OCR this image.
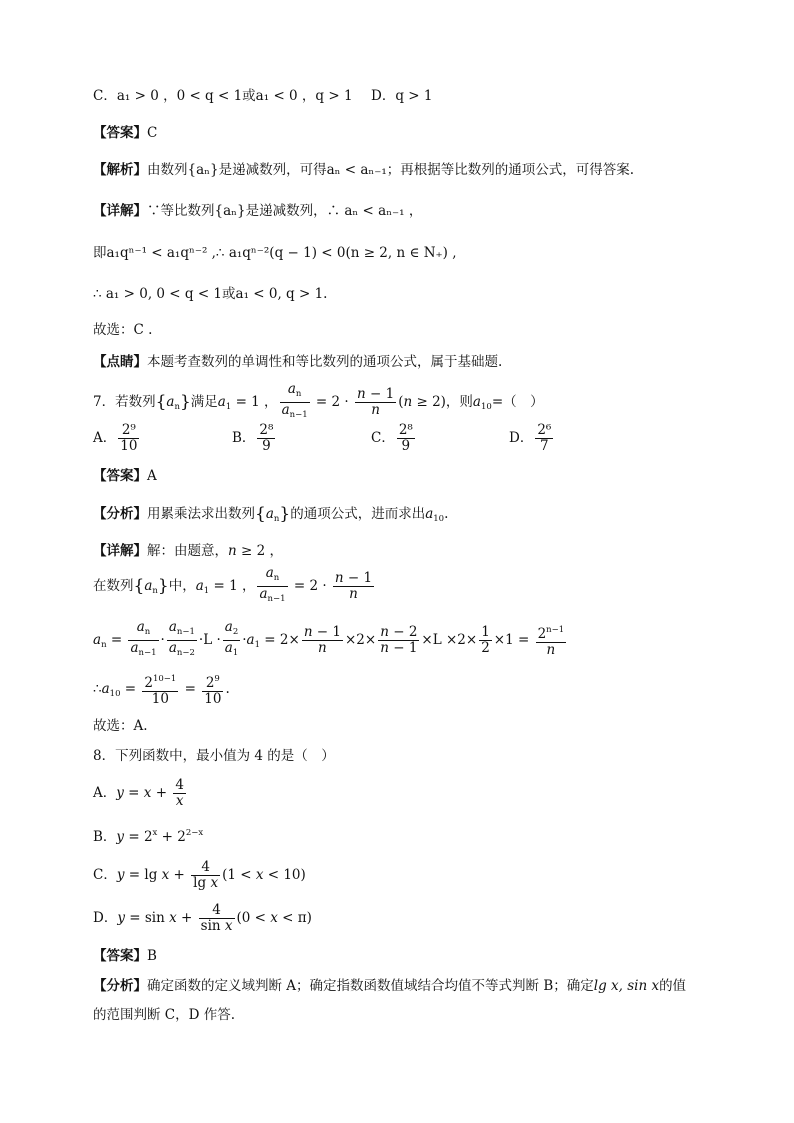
C．a₁ > 0 ，0 < q < 1或a₁ < 0 ，q > 1 D．q > 1
【答案】C
【解析】由数列{aₙ}是递减数列，可得aₙ < aₙ₋₁；再根据等比数列的通项公式，可得答案.
【详解】∵等比数列{aₙ}是递减数列，∴ aₙ < aₙ₋₁ ，
即a₁qⁿ⁻¹ < a₁qⁿ⁻² ,∴ a₁qⁿ⁻²(q − 1) < 0(n ≥ 2, n ∈ N₊) ,
∴ a₁ > 0, 0 < q < 1或a₁ < 0, q > 1.
故选：C .
【点睛】本题考查数列的单调性和等比数列的通项公式，属于基础题.
7．若数列$\{a_n\}$满足$a_1 = 1$ ， $\frac{a_n}{a_{n-1}} = 2 \cdot \frac{n - 1}{n} (n \ge 2)$，则$a_{10}=$（　）
A． $\frac{\text{2⁹}}{10}$	B． $\frac{\text{2⁸}}{9}$	C． $\frac{\text{2⁸}}{9}$	D． $\frac{\text{2⁶}}{7}$
【答案】A
【分析】用累乘法求出数列$\{a_n\}$的通项公式，进而求出$a_{10}$.
【详解】解：由题意，n ≥ 2 ，
在数列$\{a_n\}$中，$a_1 = 1$ ， $\frac{a_n}{a_{n-1}} = 2 \cdot \frac{n - 1}{n}$
$a_n = \frac{a_n}{a_{n-1}} \cdot \frac{a_{n-1}}{a_{n-2}} \cdot L \cdot \frac{a_2}{a_1} \cdot a_1 = 2\times \frac{n - 1}{n} \times 2\times \frac{n - 2}{n - 1} \times L \times 2\times \frac{1}{2} \times 1 = \frac{2^{n-1}}{n}$
$\therefore a_{10} = \frac{2^{10-1}}{10} = \frac{2^9}{10}$ .
故选：A.
8．下列函数中，最小值为 4 的是（　）
A．$y = x + \frac{4}{x}$
B．$y = 2^x + 2^{2-x}$
C．$y = \lg x + \frac{4}{\text{lg x}} (1 < x < 10)$
D．$y = \sin x + \frac{4}{\text{sin x}} (0 < x < \pi)$
【答案】B
【分析】确定函数的定义域判断 A；确定指数函数值域结合均值不等式判断 B；确定lg x, sin x的值
的范围判断 C，D 作答.
